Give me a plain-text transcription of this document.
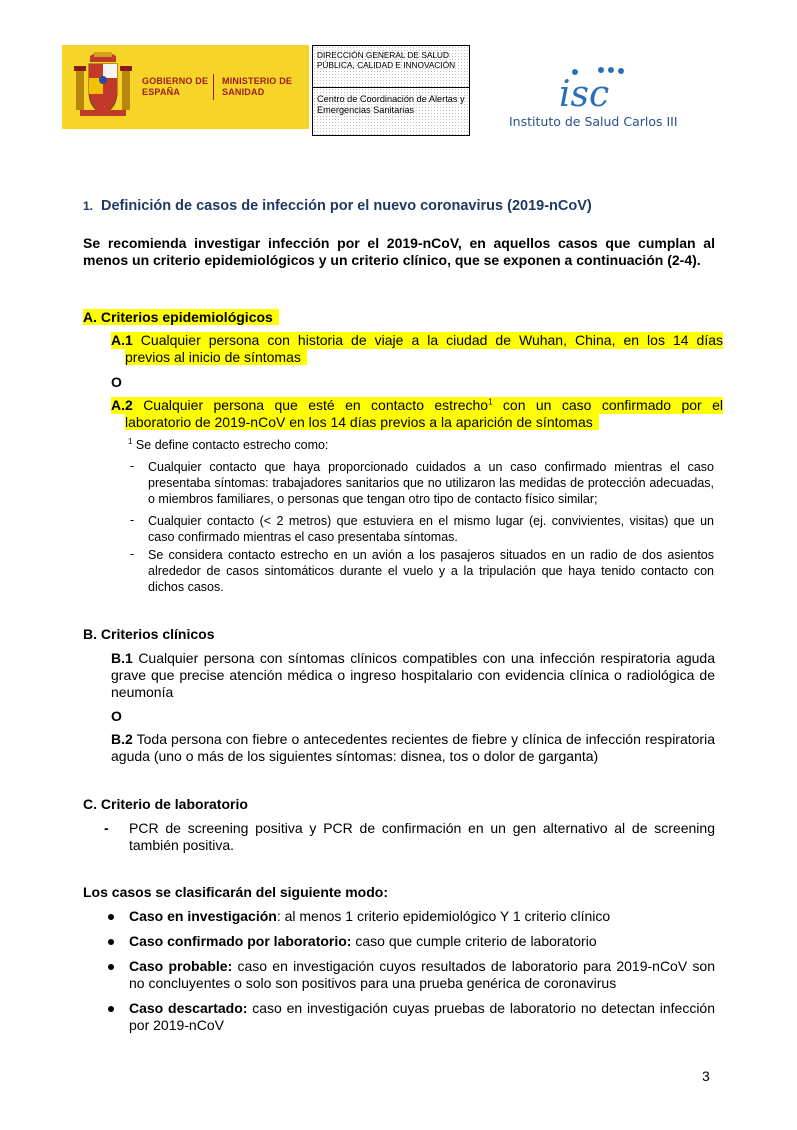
GOBIERNO DE ESPAÑA
MINISTERIO DE SANIDAD
DIRECCIÓN GENERAL DE SALUD PÚBLICA, CALIDAD E INNOVACIÓN
Centro de Coordinación de Alertas y Emergencias Sanitarias	isc
Instituto de Salud Carlos III
1. Definición de casos de infección por el nuevo coronavirus (2019-nCoV)
Se recomienda investigar infección por el 2019-nCoV, en aquellos casos que cumplan al menos un criterio epidemiológicos y un criterio clínico, que se exponen a continuación (2-4).
A. Criterios epidemiológicos
A.1 Cualquier persona con historia de viaje a la ciudad de Wuhan, China, en los 14 días
previos al inicio de síntomas
O
A.2 Cualquier persona que esté en contacto estrecho$^1$ con un caso confirmado por el
laboratorio de 2019-nCoV en los 14 días previos a la aparición de síntomas
$^1$ Se define contacto estrecho como:
- Cualquier contacto que haya proporcionado cuidados a un caso confirmado mientras el caso presentaba síntomas: trabajadores sanitarios que no utilizaron las medidas de protección adecuadas, o miembros familiares, o personas que tengan otro tipo de contacto físico similar;
- Cualquier contacto (< 2 metros) que estuviera en el mismo lugar (ej. convivientes, visitas) que un caso confirmado mientras el caso presentaba síntomas.
- Se considera contacto estrecho en un avión a los pasajeros situados en un radio de dos asientos alrededor de casos sintomáticos durante el vuelo y a la tripulación que haya tenido contacto con dichos casos.
B. Criterios clínicos
B.1 Cualquier persona con síntomas clínicos compatibles con una infección respiratoria aguda grave que precise atención médica o ingreso hospitalario con evidencia clínica o radiológica de neumonía
O
B.2 Toda persona con fiebre o antecedentes recientes de fiebre y clínica de infección respiratoria aguda (uno o más de los siguientes síntomas: disnea, tos o dolor de garganta)
C. Criterio de laboratorio
- PCR de screening positiva y PCR de confirmación en un gen alternativo al de screening también positiva.
Los casos se clasificarán del siguiente modo:
Caso en investigación: al menos 1 criterio epidemiológico Y 1 criterio clínico
Caso confirmado por laboratorio: caso que cumple criterio de laboratorio
Caso probable: caso en investigación cuyos resultados de laboratorio para 2019-nCoV son no concluyentes o solo son positivos para una prueba genérica de coronavirus
Caso descartado: caso en investigación cuyas pruebas de laboratorio no detectan infección por 2019-nCoV
3
